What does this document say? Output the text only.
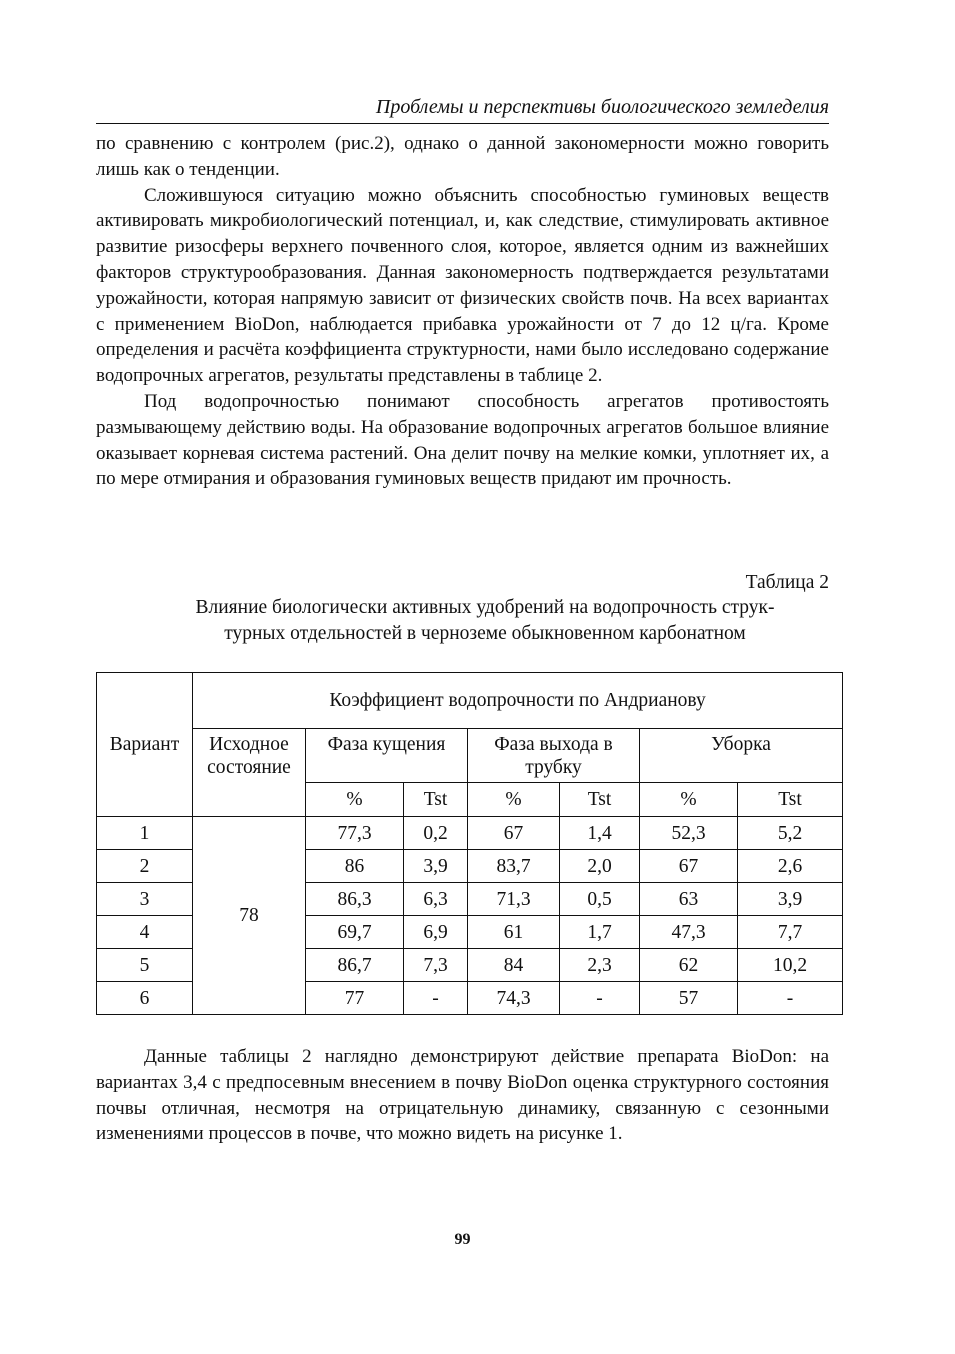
Проблемы и перспективы биологического земледелия

по сравнению с контролем (рис.2), однако о данной закономерности можно говорить лишь как о тенденции.

Сложившуюся ситуацию можно объяснить способностью гуминовых веществ активировать микробиологический потенциал, и, как следствие, стимулировать активное развитие ризосферы верхнего почвенного слоя, которое, является одним из важнейших факторов структурообразования. Данная закономерность подтверждается результатами урожайности, которая напрямую зависит от физических свойств почв. На всех вариантах с применением BioDon, наблюдается прибавка урожайности от 7 до 12 ц/га. Кроме определения и расчёта коэффициента структурности, нами было исследовано содержание водопрочных агрегатов, результаты представлены в таблице 2.

Под водопрочностью понимают способность агрегатов противостоять размывающему действию воды. На образование водопрочных агрегатов большое влияние оказывает корневая система растений. Она делит почву на мелкие комки, уплотняет их, а по мере отмирания и образования гуминовых веществ придают им прочность.

Таблица 2
Влияние биологически активных удобрений на водопрочность струк-
турных отдельностей в черноземе обыкновенном карбонатном
Вариант	Коэффициент водопрочности по Андрианову						
	Исходное состояние	Фаза кущения		Фаза выхода в трубку		Уборка	
		%	Tst	%	Tst	%	Tst
1	78	77,3	0,2	67	1,4	52,3	5,2
2		86	3,9	83,7	2,0	67	2,6
3		86,3	6,3	71,3	0,5	63	3,9
4		69,7	6,9	61	1,7	47,3	7,7
5		86,7	7,3	84	2,3	62	10,2
6		77	-	74,3	-	57	-

Данные таблицы 2 наглядно демонстрируют действие препарата BioDon: на вариантах 3,4 с предпосевным внесением в почву BioDon оценка структурного состояния почвы отличная, несмотря на отрицательную динамику, связанную с сезонными изменениями процессов в почве, что можно видеть на рисунке 1.

99
